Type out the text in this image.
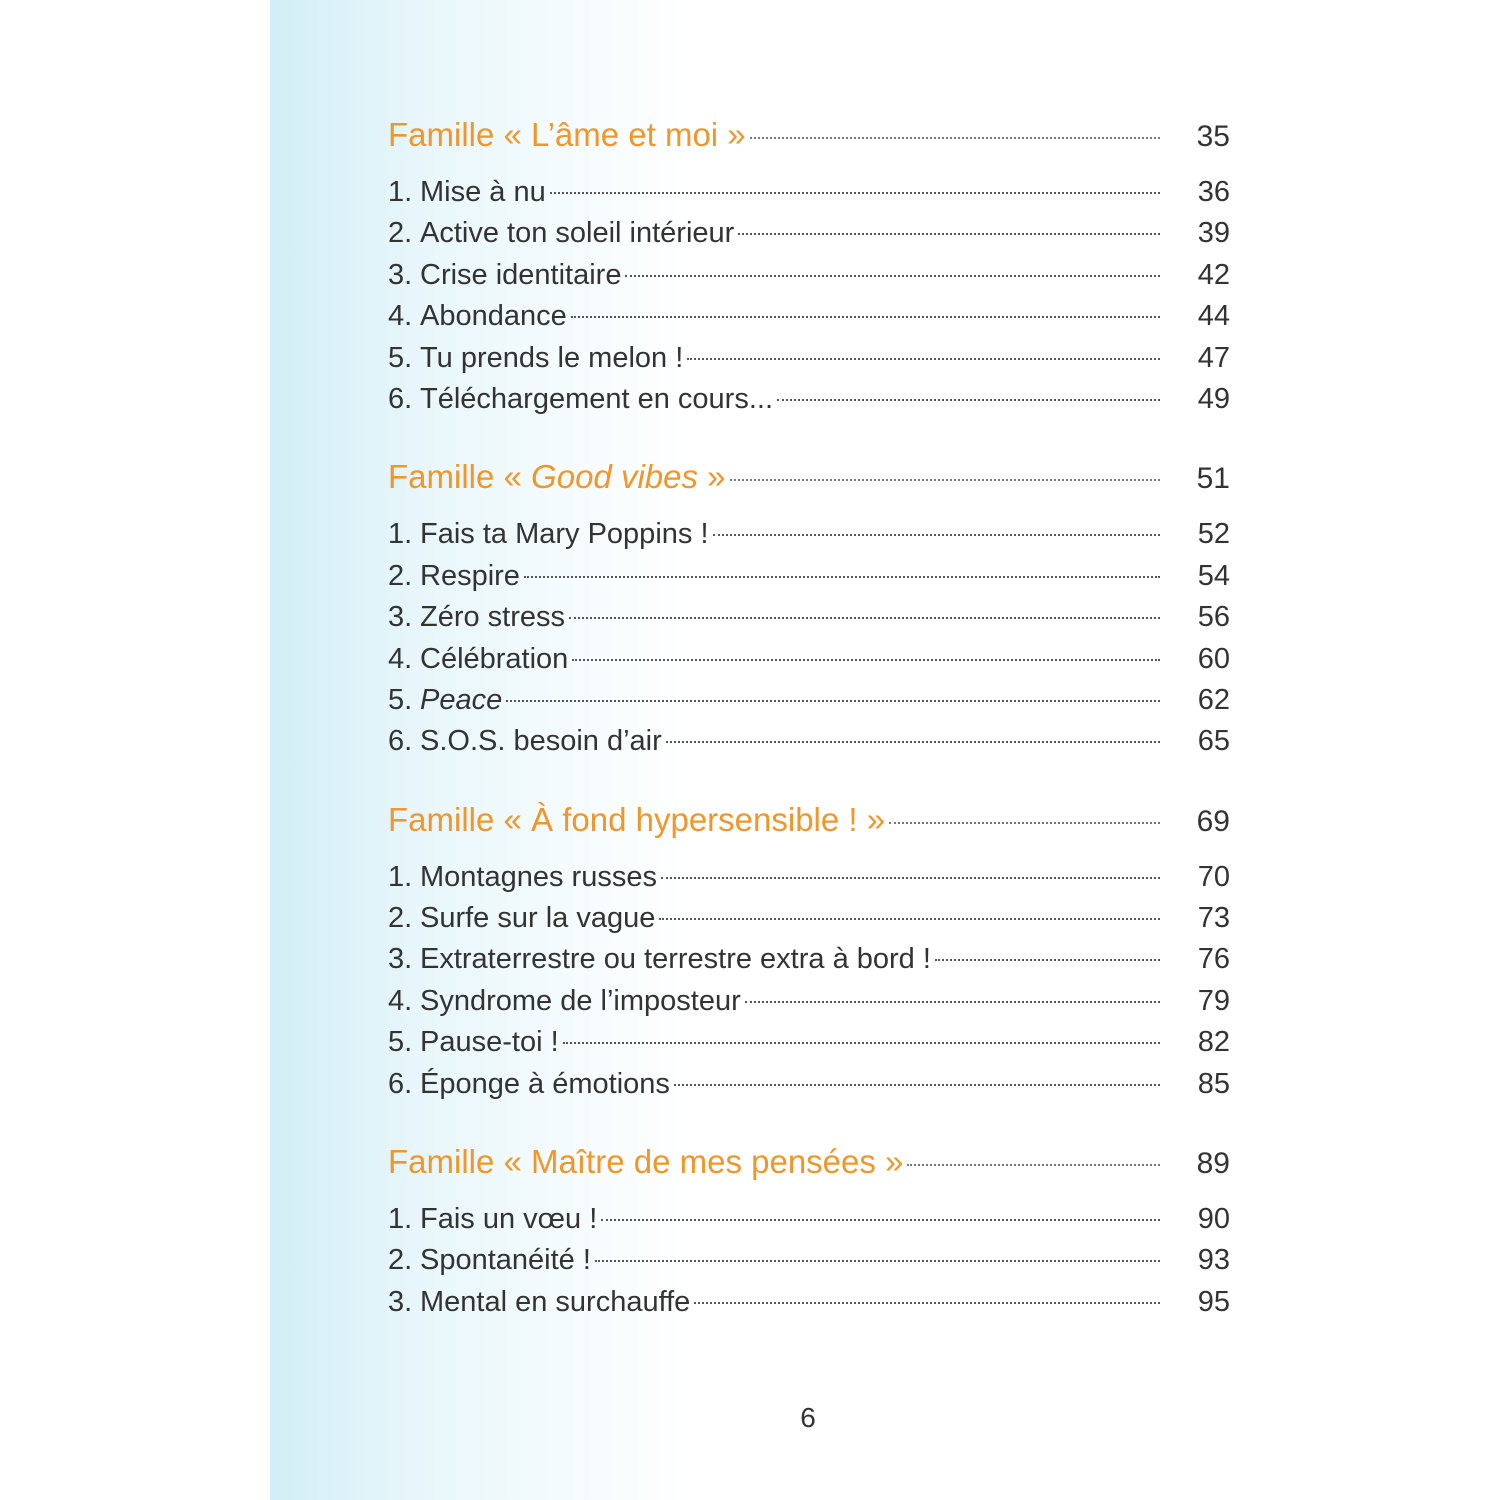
Famille « L’âme et moi »	35
1. Mise à nu	36
2. Active ton soleil intérieur	39
3. Crise identitaire	42
4. Abondance	44
5. Tu prends le melon !	47
6. Téléchargement en cours...	49
Famille « Good vibes »	51
1. Fais ta Mary Poppins !	52
2. Respire	54
3. Zéro stress	56
4. Célébration	60
5. Peace	62
6. S.O.S. besoin d’air	65
Famille « À fond hypersensible ! »	69
1. Montagnes russes	70
2. Surfe sur la vague	73
3. Extraterrestre ou terrestre extra à bord !	76
4. Syndrome de l’imposteur	79
5. Pause-toi !	82
6. Éponge à émotions	85
Famille « Maître de mes pensées »	89
1. Fais un vœu !	90
2. Spontanéité !	93
3. Mental en surchauffe	95
6
